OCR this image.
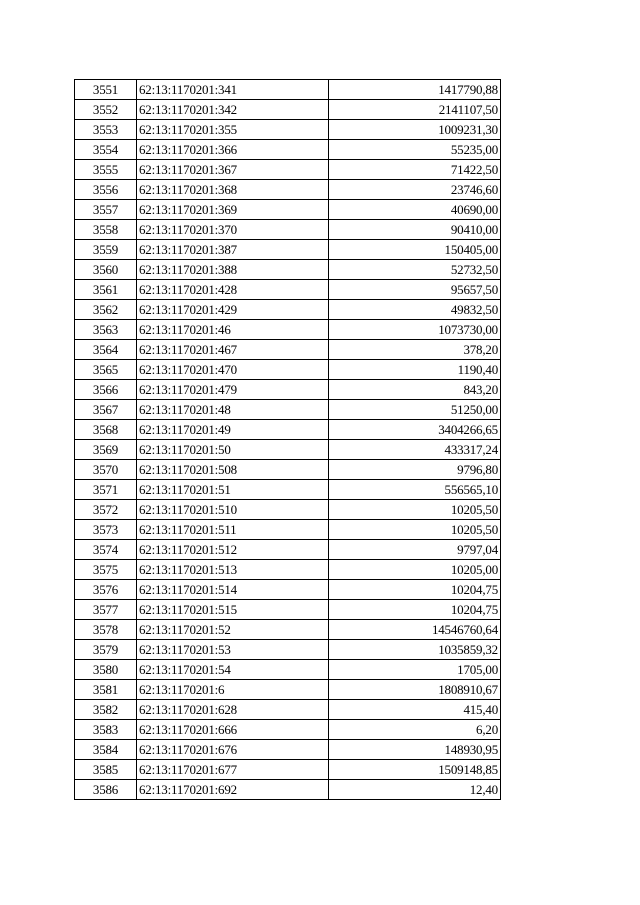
3551	62:13:1170201:341	1417790,88
3552	62:13:1170201:342	2141107,50
3553	62:13:1170201:355	1009231,30
3554	62:13:1170201:366	55235,00
3555	62:13:1170201:367	71422,50
3556	62:13:1170201:368	23746,60
3557	62:13:1170201:369	40690,00
3558	62:13:1170201:370	90410,00
3559	62:13:1170201:387	150405,00
3560	62:13:1170201:388	52732,50
3561	62:13:1170201:428	95657,50
3562	62:13:1170201:429	49832,50
3563	62:13:1170201:46	1073730,00
3564	62:13:1170201:467	378,20
3565	62:13:1170201:470	1190,40
3566	62:13:1170201:479	843,20
3567	62:13:1170201:48	51250,00
3568	62:13:1170201:49	3404266,65
3569	62:13:1170201:50	433317,24
3570	62:13:1170201:508	9796,80
3571	62:13:1170201:51	556565,10
3572	62:13:1170201:510	10205,50
3573	62:13:1170201:511	10205,50
3574	62:13:1170201:512	9797,04
3575	62:13:1170201:513	10205,00
3576	62:13:1170201:514	10204,75
3577	62:13:1170201:515	10204,75
3578	62:13:1170201:52	14546760,64
3579	62:13:1170201:53	1035859,32
3580	62:13:1170201:54	1705,00
3581	62:13:1170201:6	1808910,67
3582	62:13:1170201:628	415,40
3583	62:13:1170201:666	6,20
3584	62:13:1170201:676	148930,95
3585	62:13:1170201:677	1509148,85
3586	62:13:1170201:692	12,40
